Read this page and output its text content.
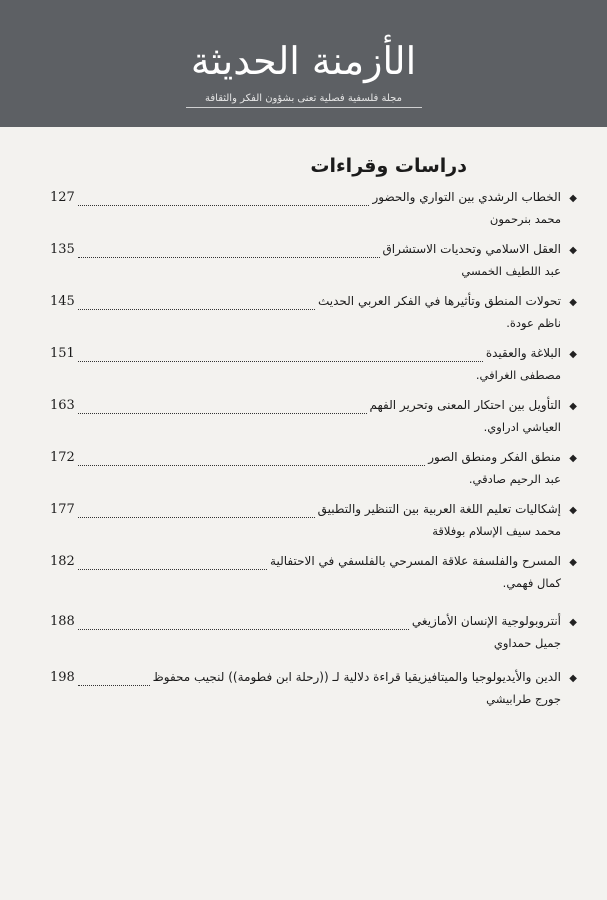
الأزمنة الحديثة
مجلة فلسفية فصلية تعنى بشؤون الفكر والثقافة
دراسات وقراءات
◆
127	الخطاب الرشدي بين التواري والحضور
محمد بنرحمون
◆
135	العقل الاسلامي وتحديات الاستشراق
عبد اللطيف الخمسي
◆
145	تحولات المنطق وتأثيرها في الفكر العربي الحديث
ناظم عودة.
◆
151	البلاغة والعقيدة
مصطفى الغرافي.
◆
163	التأويل بين احتكار المعنى وتحرير الفهم
العياشي ادراوي.
◆
172	منطق الفكر ومنطق الصور
عبد الرحيم صادقي.
◆
177	إشكاليات تعليم اللغة العربية بين التنظير والتطبيق
محمد سيف الإسلام بوفلاقة
◆
182	المسرح والفلسفة علاقة المسرحي بالفلسفي في الاحتفالية
كمال فهمي.
◆
188	أنتروبولوجية الإنسان الأمازيغي
جميل حمداوي
◆
198	الدين والأيديولوجيا والميتافيزيقيا قراءة دلالية لـ ((رحلة ابن فطومة)) لنجيب محفوظ
جورج طرابيشي
